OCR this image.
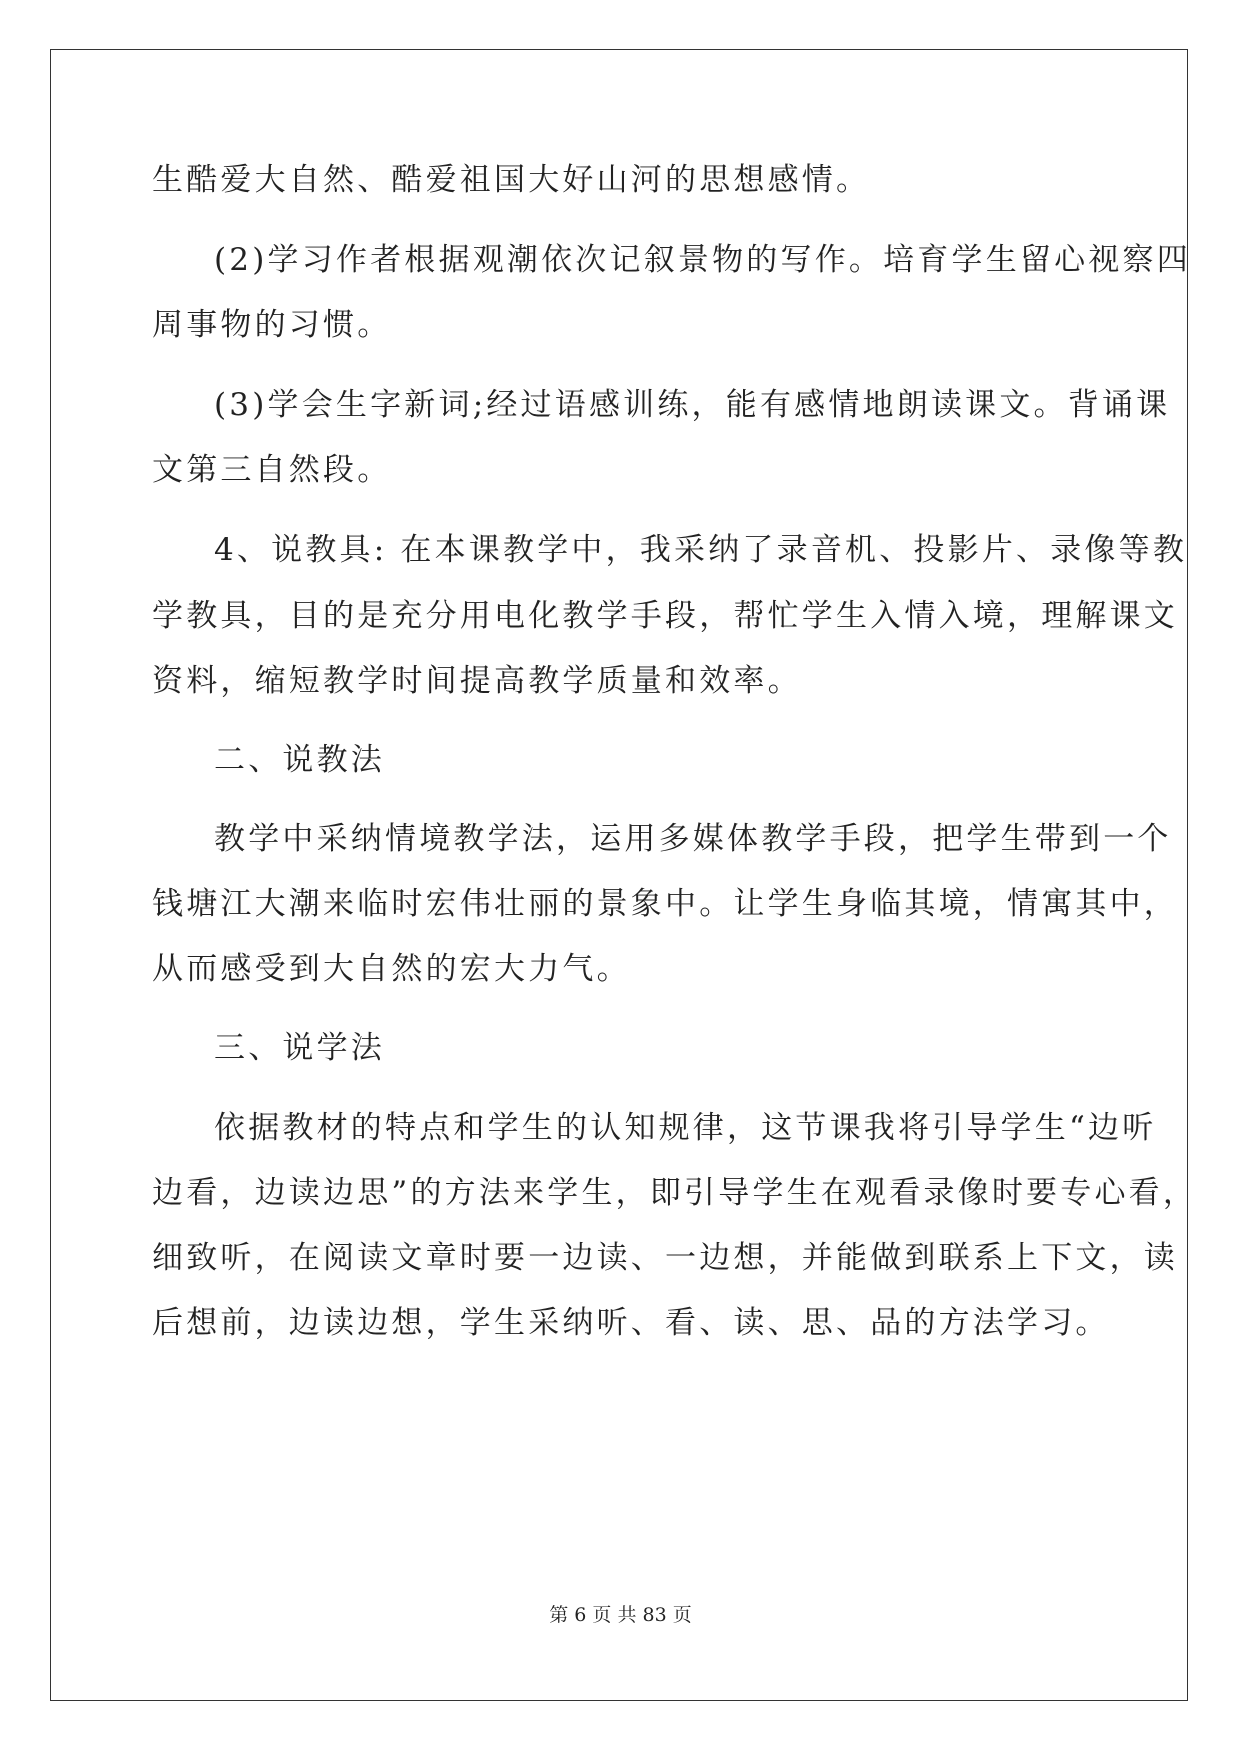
生酷爱大自然、酷爱祖国大好山河的思想感情。
(2)学习作者根据观潮依次记叙景物的写作。培育学生留心视察四
周事物的习惯。
(3)学会生字新词;经过语感训练，能有感情地朗读课文。背诵课
文第三自然段。
4、说教具: 在本课教学中，我采纳了录音机、投影片、录像等教
学教具，目的是充分用电化教学手段，帮忙学生入情入境，理解课文
资料，缩短教学时间提高教学质量和效率。
二、说教法
教学中采纳情境教学法，运用多媒体教学手段，把学生带到一个
钱塘江大潮来临时宏伟壮丽的景象中。让学生身临其境，情寓其中，
从而感受到大自然的宏大力气。
三、说学法
依据教材的特点和学生的认知规律，这节课我将引导学生“边听
边看，边读边思”的方法来学生，即引导学生在观看录像时要专心看，
细致听，在阅读文章时要一边读、一边想，并能做到联系上下文，读
后想前，边读边想，学生采纳听、看、读、思、品的方法学习。
第 6 页 共 83 页
